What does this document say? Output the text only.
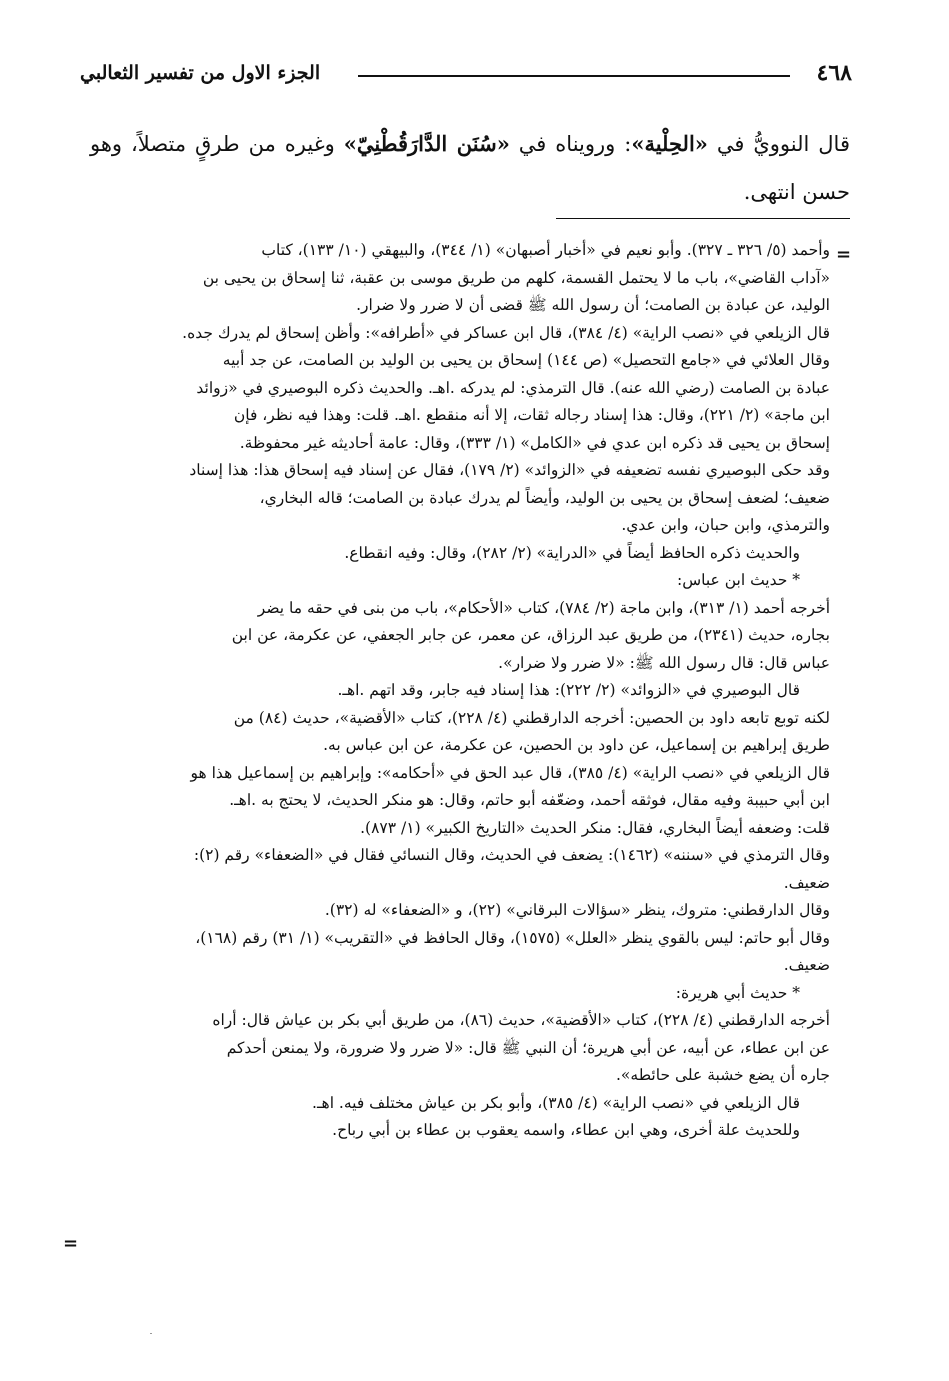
٤٦٨
الجزء الاول من تفسير الثعالبي
قال النوويُّ في «الحِلْية»: ورويناه في «سُنَن الدَّارَقُطْنِيّ» وغيره من طرقٍ متصلاً، وهو حسن انتهى.
=
وأحمد (٥/ ٣٢٦ ـ ٣٢٧). وأبو نعيم في «أخبار أصبهان» (١/ ٣٤٤)، والبيهقي (١٠/ ١٣٣)، كتاب
«آداب القاضي»، باب ما لا يحتمل القسمة، كلهم من طريق موسى بن عقبة، ثنا إسحاق بن يحيى بن
الوليد، عن عبادة بن الصامت؛ أن رسول الله ﷺ قضى أن لا ضرر ولا ضرار.
قال الزيلعي في «نصب الراية» (٤/ ٣٨٤)، قال ابن عساكر في «أطرافه»: وأظن إسحاق لم يدرك جده.
وقال العلائي في «جامع التحصيل» (ص ١٤٤) إسحاق بن يحيى بن الوليد بن الصامت، عن جد أبيه
عبادة بن الصامت (رضي الله عنه). قال الترمذي: لم يدركه .اهـ. والحديث ذكره البوصيري في «زوائد
ابن ماجة» (٢/ ٢٢١)، وقال: هذا إسناد رجاله ثقات، إلا أنه منقطع .اهـ. قلت: وهذا فيه نظر، فإن
إسحاق بن يحيى قد ذكره ابن عدي في «الكامل» (١/ ٣٣٣)، وقال: عامة أحاديثه غير محفوظة.
وقد حكى البوصيري نفسه تضعيفه في «الزوائد» (٢/ ١٧٩)، فقال عن إسناد فيه إسحاق هذا: هذا إسناد
ضعيف؛ لضعف إسحاق بن يحيى بن الوليد، وأيضاً لم يدرك عبادة بن الصامت؛ قاله البخاري،
والترمذي، وابن حبان، وابن عدي.
والحديث ذكره الحافظ أيضاً في «الدراية» (٢/ ٢٨٢)، وقال: وفيه انقطاع.
* حديث ابن عباس:
أخرجه أحمد (١/ ٣١٣)، وابن ماجة (٢/ ٧٨٤)، كتاب «الأحكام»، باب من بنى في حقه ما يضر
بجاره، حديث (٢٣٤١)، من طريق عبد الرزاق، عن معمر، عن جابر الجعفي، عن عكرمة، عن ابن
عباس قال: قال رسول الله ﷺ: «لا ضرر ولا ضرار».
قال البوصيري في «الزوائد» (٢/ ٢٢٢): هذا إسناد فيه جابر، وقد اتهم .اهـ.
لكنه توبع تابعه داود بن الحصين: أخرجه الدارقطني (٤/ ٢٢٨)، كتاب «الأقضية»، حديث (٨٤) من
طريق إبراهيم بن إسماعيل، عن داود بن الحصين، عن عكرمة، عن ابن عباس به.
قال الزيلعي في «نصب الراية» (٤/ ٣٨٥)، قال عبد الحق في «أحكامه»: وإبراهيم بن إسماعيل هذا هو
ابن أبي حبيبة وفيه مقال، فوثقه أحمد، وضعّفه أبو حاتم، وقال: هو منكر الحديث، لا يحتج به .اهـ.
قلت: وضعفه أيضاً البخاري، فقال: منكر الحديث «التاريخ الكبير» (١/ ٨٧٣).
وقال الترمذي في «سننه» (١٤٦٢): يضعف في الحديث، وقال النسائي فقال في «الضعفاء» رقم (٢):
ضعيف.
وقال الدارقطني: متروك، ينظر «سؤالات البرقاني» (٢٢)، و «الضعفاء» له (٣٢).
وقال أبو حاتم: ليس بالقوي ينظر «العلل» (١٥٧٥)، وقال الحافظ في «التقريب» (١/ ٣١) رقم (١٦٨)،
ضعيف.
* حديث أبي هريرة:
أخرجه الدارقطني (٤/ ٢٢٨)، كتاب «الأقضية»، حديث (٨٦)، من طريق أبي بكر بن عياش قال: أراه
عن ابن عطاء، عن أبيه، عن أبي هريرة؛ أن النبي ﷺ قال: «لا ضرر ولا ضرورة، ولا يمنعن أحدكم
جاره أن يضع خشبة على حائطه».
قال الزيلعي في «نصب الراية» (٤/ ٣٨٥)، وأبو بكر بن عياش مختلف فيه. اهـ.
وللحديث علة أخرى، وهي ابن عطاء، واسمه يعقوب بن عطاء بن أبي رباح.
=
